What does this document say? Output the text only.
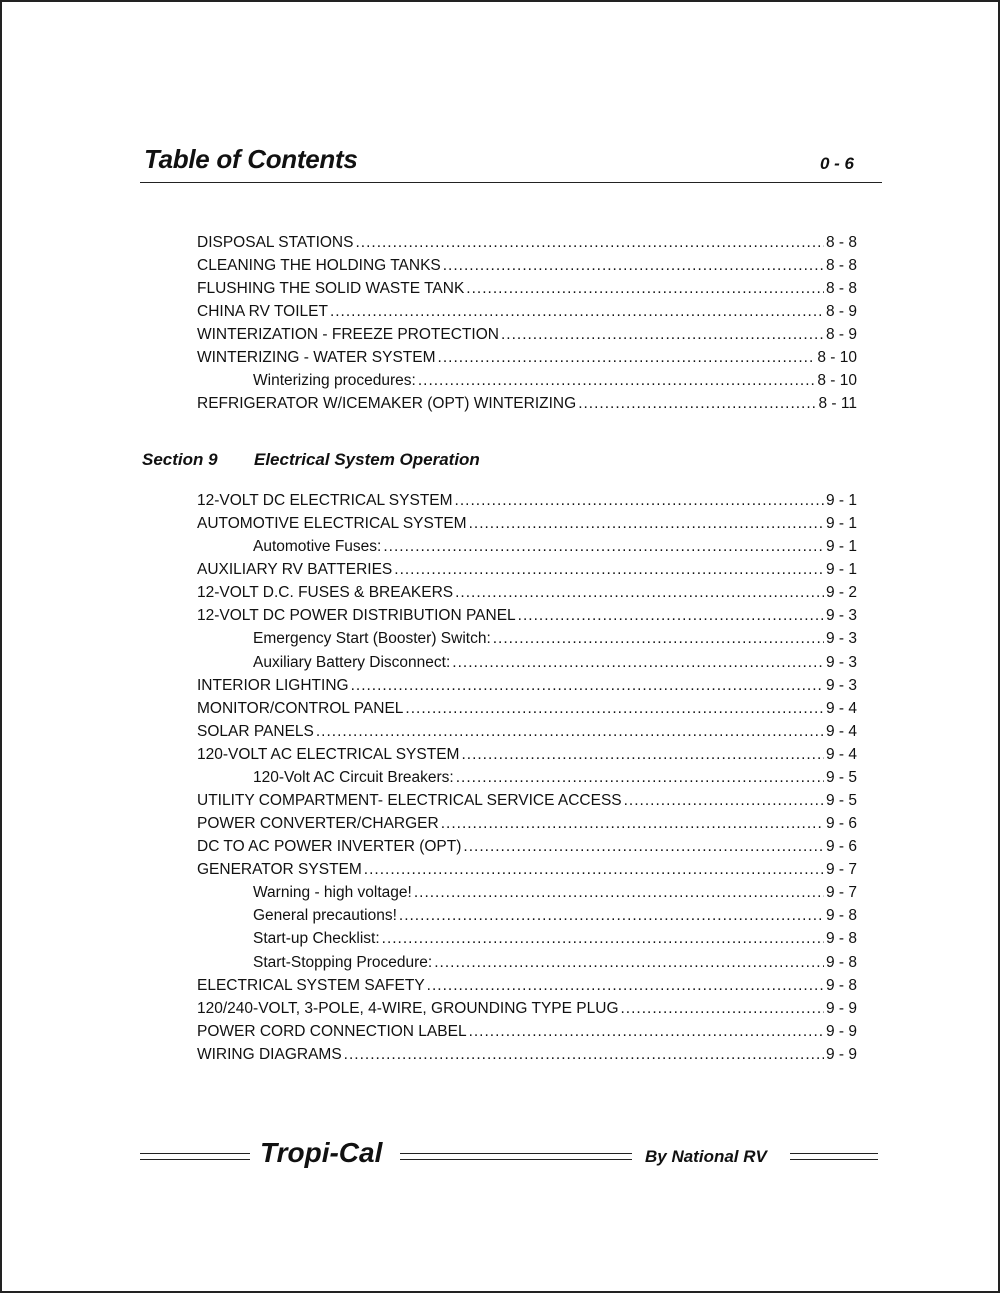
Table of Contents	0 - 6
DISPOSAL STATIONS .....	8 - 8
CLEANING THE HOLDING TANKS .....	8 - 8
FLUSHING THE SOLID WASTE TANK .....	8 - 8
CHINA RV TOILET .....	8 - 9
WINTERIZATION - FREEZE PROTECTION .....	8 - 9
WINTERIZING - WATER SYSTEM .....	8 - 10
Winterizing procedures: .....	8 - 10
REFRIGERATOR W/ICEMAKER (OPT) WINTERIZING .....	8 - 11
Section 9 Electrical System Operation
12-VOLT DC ELECTRICAL SYSTEM .....	9 - 1
AUTOMOTIVE ELECTRICAL SYSTEM .....	9 - 1
Automotive Fuses: .....	9 - 1
AUXILIARY RV BATTERIES .....	9 - 1
12-VOLT D.C. FUSES & BREAKERS .....	9 - 2
12-VOLT DC POWER DISTRIBUTION PANEL .....	9 - 3
Emergency Start (Booster) Switch: .....	9 - 3
Auxiliary Battery Disconnect: .....	9 - 3
INTERIOR LIGHTING .....	9 - 3
MONITOR/CONTROL PANEL .....	9 - 4
SOLAR PANELS .....	9 - 4
120-VOLT AC ELECTRICAL SYSTEM .....	9 - 4
120-Volt AC Circuit Breakers: .....	9 - 5
UTILITY COMPARTMENT- ELECTRICAL SERVICE ACCESS .....	9 - 5
POWER CONVERTER/CHARGER .....	9 - 6
DC TO AC POWER INVERTER (OPT) .....	9 - 6
GENERATOR SYSTEM .....	9 - 7
Warning - high voltage! .....	9 - 7
General precautions! .....	9 - 8
Start-up Checklist: .....	9 - 8
Start-Stopping Procedure: .....	9 - 8
ELECTRICAL SYSTEM SAFETY .....	9 - 8
120/240-VOLT, 3-POLE, 4-WIRE, GROUNDING TYPE PLUG .....	9 - 9
POWER CORD CONNECTION LABEL .....	9 - 9
WIRING DIAGRAMS .....	9 - 9
Tropi-Cal	By National RV
